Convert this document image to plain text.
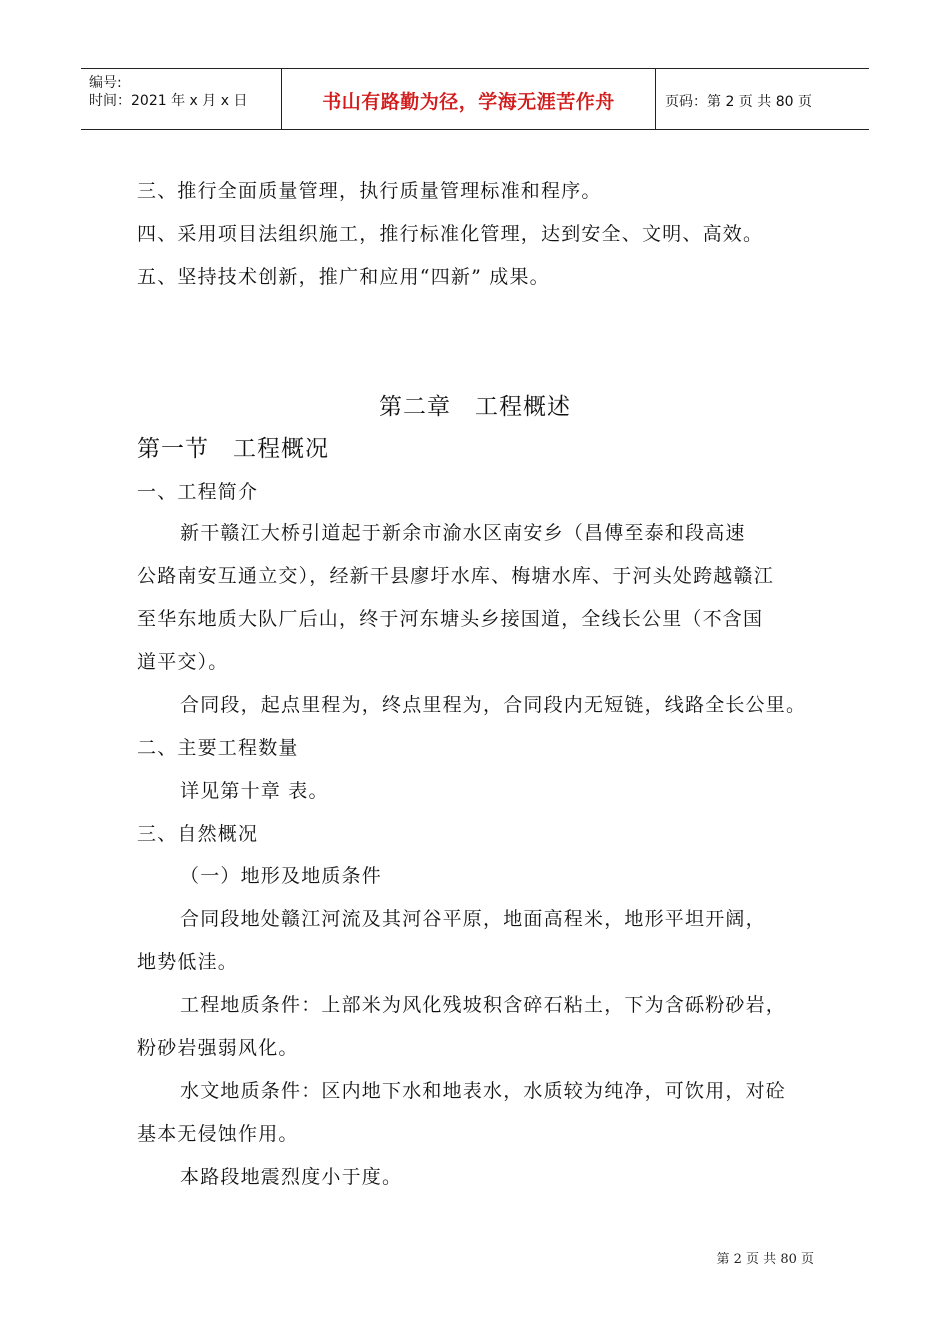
编号:
时间：2021 年 x 月 x 日	书山有路勤为径，学海无涯苦作舟	页码：第 2 页 共 80 页
三、推行全面质量管理，执行质量管理标准和程序。
四、采用项目法组织施工，推行标准化管理，达到安全、文明、高效。
五、坚持技术创新，推广和应用“四新” 成果。
第二章　工程概述
第一节　工程概况
一、工程简介
新干赣江大桥引道起于新余市渝水区南安乡（昌傅至泰和段高速
公路南安互通立交），经新干县廖圩水库、梅塘水库、于河头处跨越赣江
至华东地质大队厂后山，终于河东塘头乡接国道，全线长公里（不含国
道平交）。
合同段，起点里程为，终点里程为，合同段内无短链，线路全长公里。
二、主要工程数量
详见第十章 表。
三、自然概况
（一）地形及地质条件
合同段地处赣江河流及其河谷平原，地面高程米，地形平坦开阔，
地势低洼。
工程地质条件：上部米为风化残坡积含碎石粘土，下为含砾粉砂岩，
粉砂岩强弱风化。
水文地质条件：区内地下水和地表水，水质较为纯净，可饮用，对砼
基本无侵蚀作用。
本路段地震烈度小于度。
第 2 页 共 80 页
